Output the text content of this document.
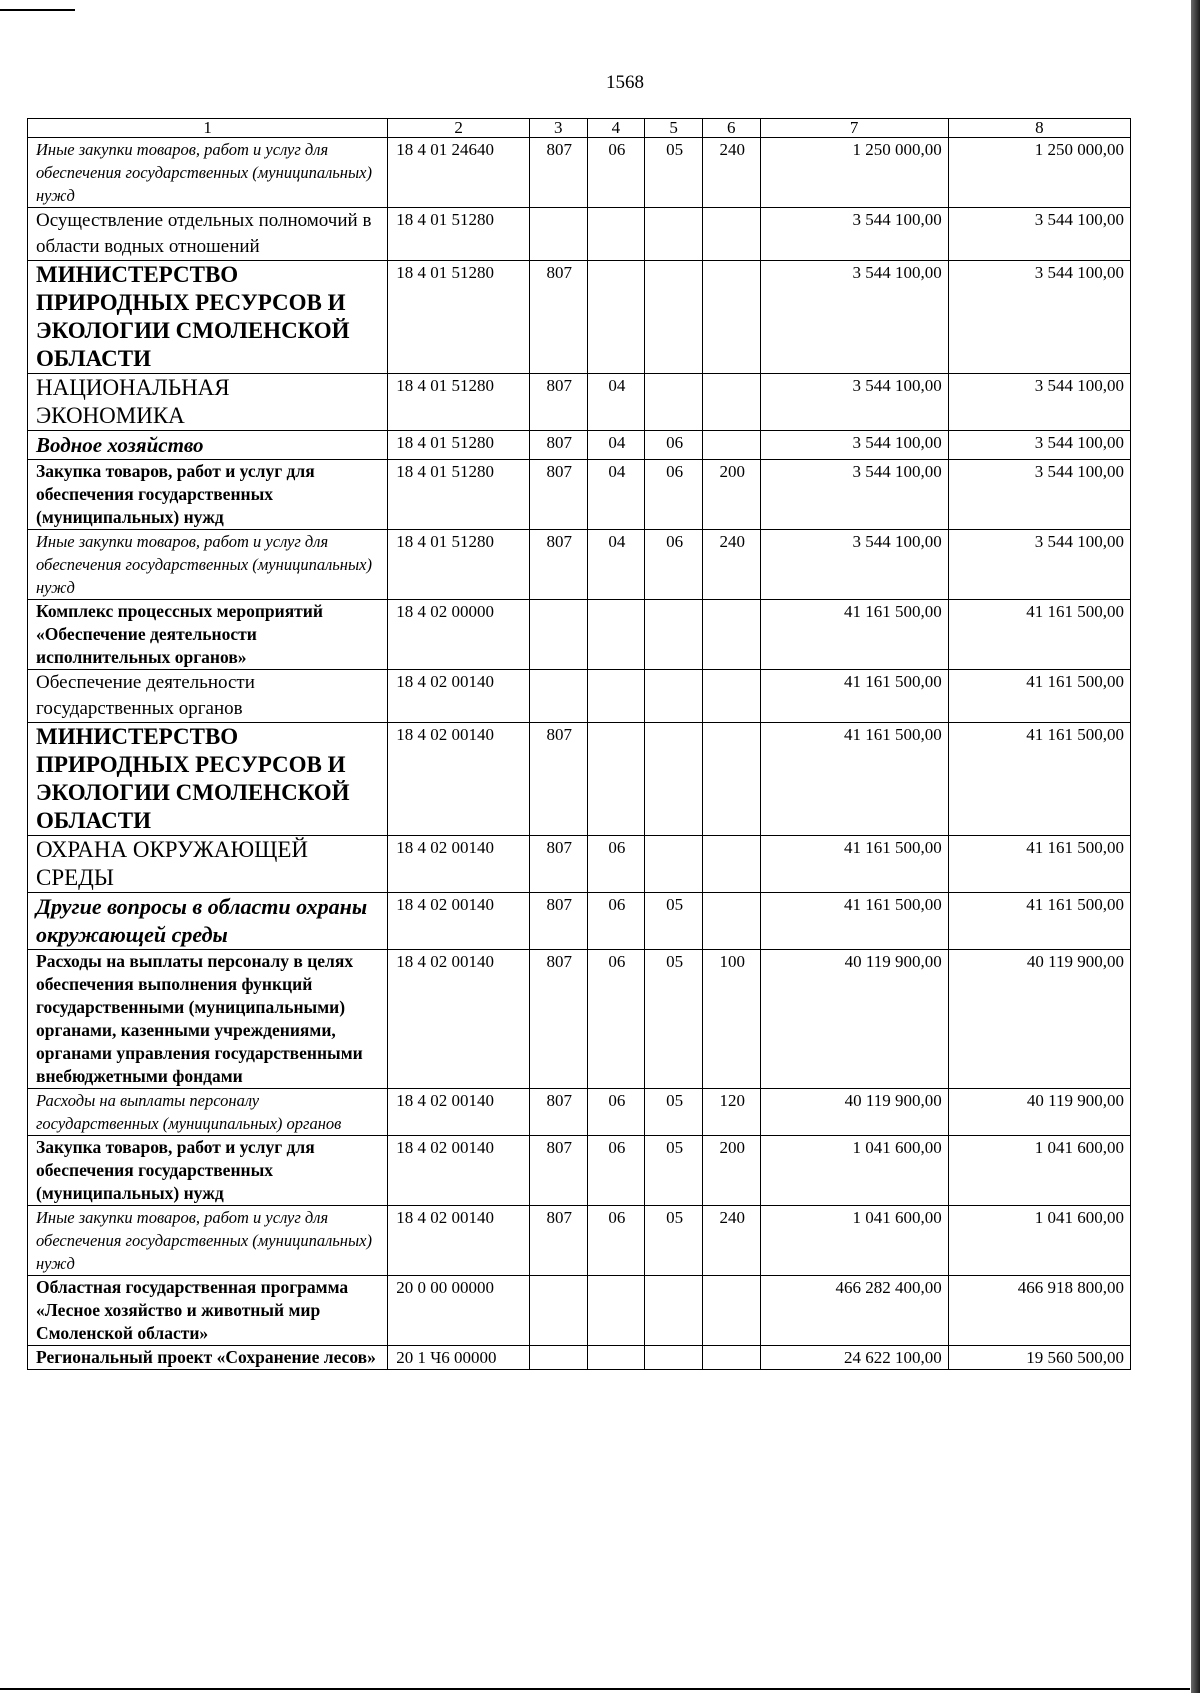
1568
1	2	3	4	5	6	7	8
Иные закупки товаров, работ и услуг для обеспечения государственных (муниципальных) нужд	18 4 01 24640	807	06	05	240	1 250 000,00	1 250 000,00
Осуществление отдельных полномочий в области водных отношений	18 4 01 51280					3 544 100,00	3 544 100,00
МИНИСТЕРСТВО ПРИРОДНЫХ РЕСУРСОВ И ЭКОЛОГИИ СМОЛЕНСКОЙ ОБЛАСТИ	18 4 01 51280	807				3 544 100,00	3 544 100,00
НАЦИОНАЛЬНАЯ ЭКОНОМИКА	18 4 01 51280	807	04			3 544 100,00	3 544 100,00
Водное хозяйство	18 4 01 51280	807	04	06		3 544 100,00	3 544 100,00
Закупка товаров, работ и услуг для обеспечения государственных (муниципальных) нужд	18 4 01 51280	807	04	06	200	3 544 100,00	3 544 100,00
Иные закупки товаров, работ и услуг для обеспечения государственных (муниципальных) нужд	18 4 01 51280	807	04	06	240	3 544 100,00	3 544 100,00
Комплекс процессных мероприятий «Обеспечение деятельности исполнительных органов»	18 4 02 00000					41 161 500,00	41 161 500,00
Обеспечение деятельности государственных органов	18 4 02 00140					41 161 500,00	41 161 500,00
МИНИСТЕРСТВО ПРИРОДНЫХ РЕСУРСОВ И ЭКОЛОГИИ СМОЛЕНСКОЙ ОБЛАСТИ	18 4 02 00140	807				41 161 500,00	41 161 500,00
ОХРАНА ОКРУЖАЮЩЕЙ СРЕДЫ	18 4 02 00140	807	06			41 161 500,00	41 161 500,00
Другие вопросы в области охраны окружающей среды	18 4 02 00140	807	06	05		41 161 500,00	41 161 500,00
Расходы на выплаты персоналу в целях обеспечения выполнения функций государственными (муниципальными) органами, казенными учреждениями, органами управления государственными внебюджетными фондами	18 4 02 00140	807	06	05	100	40 119 900,00	40 119 900,00
Расходы на выплаты персоналу государственных (муниципальных) органов	18 4 02 00140	807	06	05	120	40 119 900,00	40 119 900,00
Закупка товаров, работ и услуг для обеспечения государственных (муниципальных) нужд	18 4 02 00140	807	06	05	200	1 041 600,00	1 041 600,00
Иные закупки товаров, работ и услуг для обеспечения государственных (муниципальных) нужд	18 4 02 00140	807	06	05	240	1 041 600,00	1 041 600,00
Областная государственная программа «Лесное хозяйство и животный мир Смоленской области»	20 0 00 00000					466 282 400,00	466 918 800,00
Региональный проект «Сохранение лесов»	20 1 Ч6 00000					24 622 100,00	19 560 500,00
